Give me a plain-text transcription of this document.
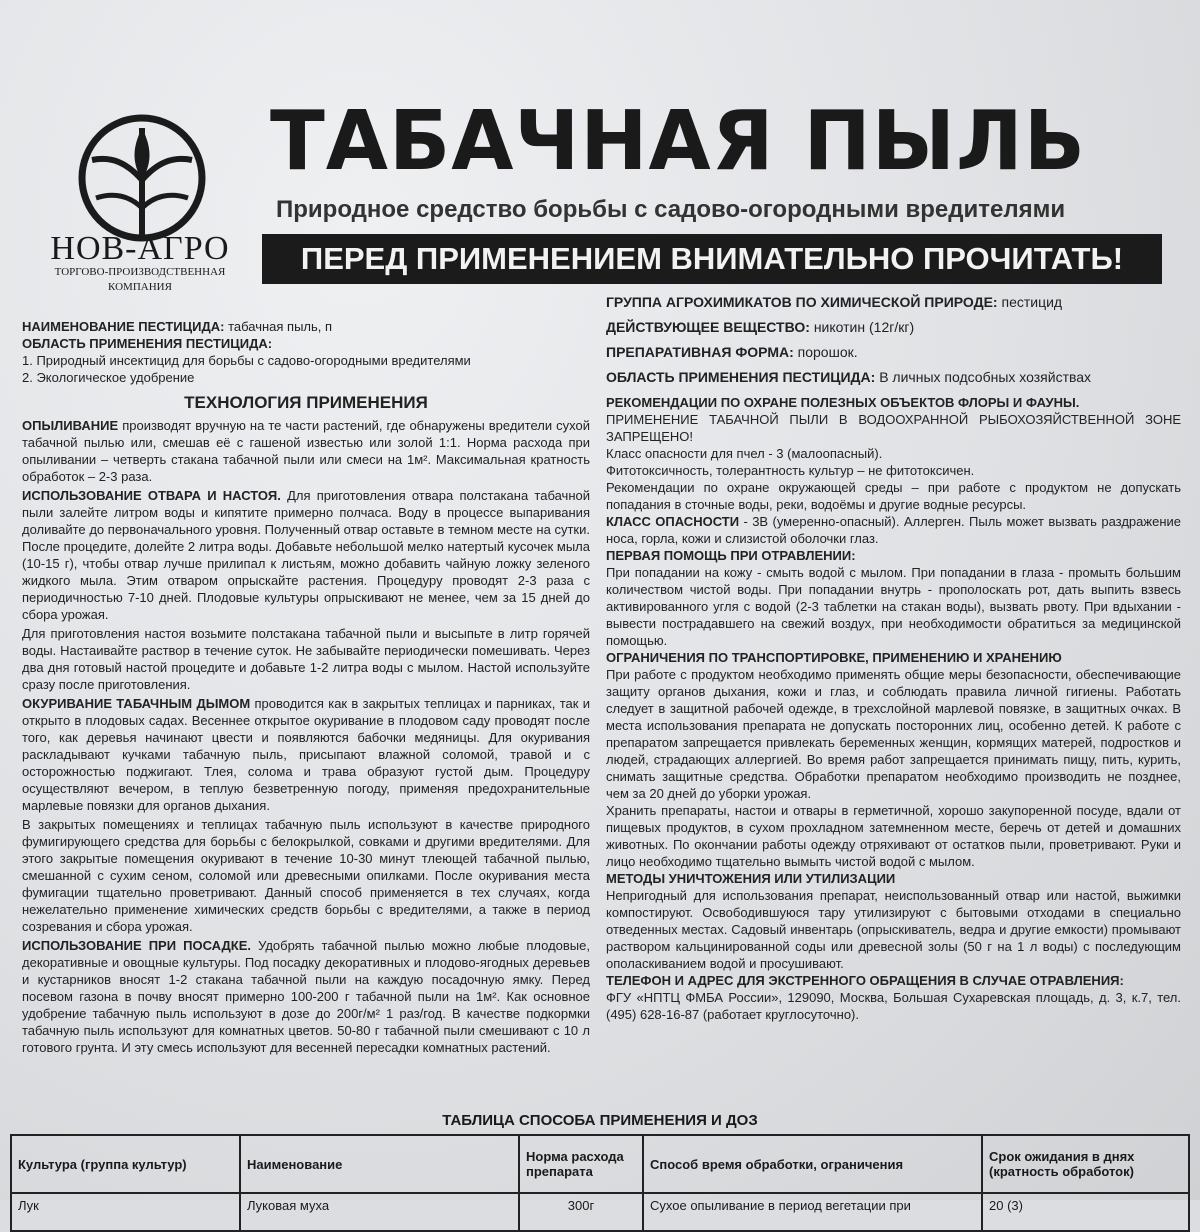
НОВ-АГРО
ТОРГОВО-ПРОИЗВОДСТВЕННАЯ
КОМПАНИЯ
ТАБАЧНАЯ ПЫЛЬ
Природное средство борьбы с садово-огородными вредителями
ПЕРЕД ПРИМЕНЕНИЕМ ВНИМАТЕЛЬНО ПРОЧИТАТЬ!

НАИМЕНОВАНИЕ ПЕСТИЦИДА: табачная пыль, п

ОБЛАСТЬ ПРИМЕНЕНИЯ ПЕСТИЦИДА:

1. Природный инсектицид для борьбы с садово-огородными вредителями

2. Экологическое удобрение

ТЕХНОЛОГИЯ ПРИМЕНЕНИЯ

ОПЫЛИВАНИЕ производят вручную на те части растений, где обнаружены вредители сухой табачной пылью или, смешав её с гашеной известью или золой 1:1. Норма расхода при опыливании – четверть стакана табачной пыли или смеси на 1м². Максимальная кратность обработок – 2-3 раза.

ИСПОЛЬЗОВАНИЕ ОТВАРА И НАСТОЯ. Для приготовления отвара полстакана табачной пыли залейте литром воды и кипятите примерно полчаса. Воду в процессе выпаривания доливайте до первоначального уровня. Полученный отвар оставьте в темном месте на сутки. После процедите, долейте 2 литра воды. Добавьте небольшой мелко натертый кусочек мыла (10-15 г), чтобы отвар лучше прилипал к листьям, можно добавить чайную ложку зеленого жидкого мыла. Этим отваром опрыскайте растения. Процедуру проводят 2-3 раза с периодичностью 7-10 дней. Плодовые культуры опрыскивают не менее, чем за 15 дней до сбора урожая.

Для приготовления настоя возьмите полстакана табачной пыли и высыпьте в литр горячей воды. Настаивайте раствор в течение суток. Не забывайте периодически помешивать. Через два дня готовый настой процедите и добавьте 1-2 литра воды с мылом. Настой используйте сразу после приготовления.

ОКУРИВАНИЕ ТАБАЧНЫМ ДЫМОМ проводится как в закрытых теплицах и парниках, так и открыто в плодовых садах. Весеннее открытое окуривание в плодовом саду проводят после того, как деревья начинают цвести и появляются бабочки медяницы. Для окуривания раскладывают кучками табачную пыль, присыпают влажной соломой, травой и с осторожностью поджигают. Тлея, солома и трава образуют густой дым. Процедуру осуществляют вечером, в теплую безветренную погоду, применяя предохранительные марлевые повязки для органов дыхания.

В закрытых помещениях и теплицах табачную пыль используют в качестве природного фумигирующего средства для борьбы с белокрылкой, совками и другими вредителями. Для этого закрытые помещения окуривают в течение 10-30 минут тлеющей табачной пылью, смешанной с сухим сеном, соломой или древесными опилками. После окуривания места фумигации тщательно проветривают. Данный способ применяется в тех случаях, когда нежелательно применение химических средств борьбы с вредителями, а также в период созревания и сбора урожая.

ИСПОЛЬЗОВАНИЕ ПРИ ПОСАДКЕ. Удобрять табачной пылью можно любые плодовые, декоративные и овощные культуры. Под посадку декоративных и плодово-ягодных деревьев и кустарников вносят 1-2 стакана табачной пыли на каждую посадочную ямку. Перед посевом газона в почву вносят примерно 100-200 г табачной пыли на 1м². Как основное удобрение табачную пыль используют в дозе до 200г/м² 1 раз/год. В качестве подкормки табачную пыль используют для комнатных цветов. 50-80 г табачной пыли смешивают с 10 л готового грунта. И эту смесь используют для весенней пересадки комнатных растений.

ГРУППА АГРОХИМИКАТОВ ПО ХИМИЧЕСКОЙ ПРИРОДЕ: пестицид

ДЕЙСТВУЮЩЕЕ ВЕЩЕСТВО: никотин (12г/кг)

ПРЕПАРАТИВНАЯ ФОРМА: порошок.

ОБЛАСТЬ ПРИМЕНЕНИЯ ПЕСТИЦИДА: В личных подсобных хозяйствах

РЕКОМЕНДАЦИИ ПО ОХРАНЕ ПОЛЕЗНЫХ ОБЪЕКТОВ ФЛОРЫ И ФАУНЫ.

ПРИМЕНЕНИЕ ТАБАЧНОЙ ПЫЛИ В ВОДООХРАННОЙ РЫБОХОЗЯЙСТВЕННОЙ ЗОНЕ ЗАПРЕЩЕНО!

Класс опасности для пчел - 3 (малоопасный).

Фитотоксичность, толерантность культур – не фитотоксичен.

Рекомендации по охране окружающей среды – при работе с продуктом не допускать попадания в сточные воды, реки, водоёмы и другие водные ресурсы.

КЛАСС ОПАСНОСТИ - 3В (умеренно-опасный). Аллерген. Пыль может вызвать раздражение носа, горла, кожи и слизистой оболочки глаз.

ПЕРВАЯ ПОМОЩЬ ПРИ ОТРАВЛЕНИИ:

При попадании на кожу - смыть водой с мылом. При попадании в глаза - промыть большим количеством чистой воды. При попадании внутрь - прополоскать рот, дать выпить взвесь активированного угля с водой (2-3 таблетки на стакан воды), вызвать рвоту. При вдыхании - вывести пострадавшего на свежий воздух, при необходимости обратиться за медицинской помощью.

ОГРАНИЧЕНИЯ ПО ТРАНСПОРТИРОВКЕ, ПРИМЕНЕНИЮ И ХРАНЕНИЮ

При работе с продуктом необходимо применять общие меры безопасности, обеспечивающие защиту органов дыхания, кожи и глаз, и соблюдать правила личной гигиены. Работать следует в защитной рабочей одежде, в трехслойной марлевой повязке, в защитных очках. В места использования препарата не допускать посторонних лиц, особенно детей. К работе с препаратом запрещается привлекать беременных женщин, кормящих матерей, подростков и людей, страдающих аллергией. Во время работ запрещается принимать пищу, пить, курить, снимать защитные средства. Обработки препаратом необходимо производить не позднее, чем за 20 дней до уборки урожая.

Хранить препараты, настои и отвары в герметичной, хорошо закупоренной посуде, вдали от пищевых продуктов, в сухом прохладном затемненном месте, беречь от детей и домашних животных. По окончании работы одежду отряхивают от остатков пыли, проветривают. Руки и лицо необходимо тщательно вымыть чистой водой с мылом.

МЕТОДЫ УНИЧТОЖЕНИЯ ИЛИ УТИЛИЗАЦИИ

Непригодный для использования препарат, неиспользованный отвар или настой, выжимки компостируют. Освободившуюся тару утилизируют с бытовыми отходами в специально отведенных местах. Садовый инвентарь (опрыскиватель, ведра и другие емкости) промывают раствором кальцинированной соды или древесной золы (50 г на 1 л воды) с последующим ополаскиванием водой и просушивают.

ТЕЛЕФОН И АДРЕС ДЛЯ ЭКСТРЕННОГО ОБРАЩЕНИЯ В СЛУЧАЕ ОТРАВЛЕНИЯ:

ФГУ «НПТЦ ФМБА России», 129090, Москва, Большая Сухаревская площадь, д. 3, к.7, тел. (495) 628-16-87 (работает круглосуточно).

ТАБЛИЦА СПОСОБА ПРИМЕНЕНИЯ И ДОЗ
Культура (группа культур)	Наименование	Норма расхода препарата	Способ время обработки, ограничения	Срок ожидания в днях (кратность обработок)
Лук	Луковая муха	300г	Сухое опыливание в период вегетации при	20 (3)
